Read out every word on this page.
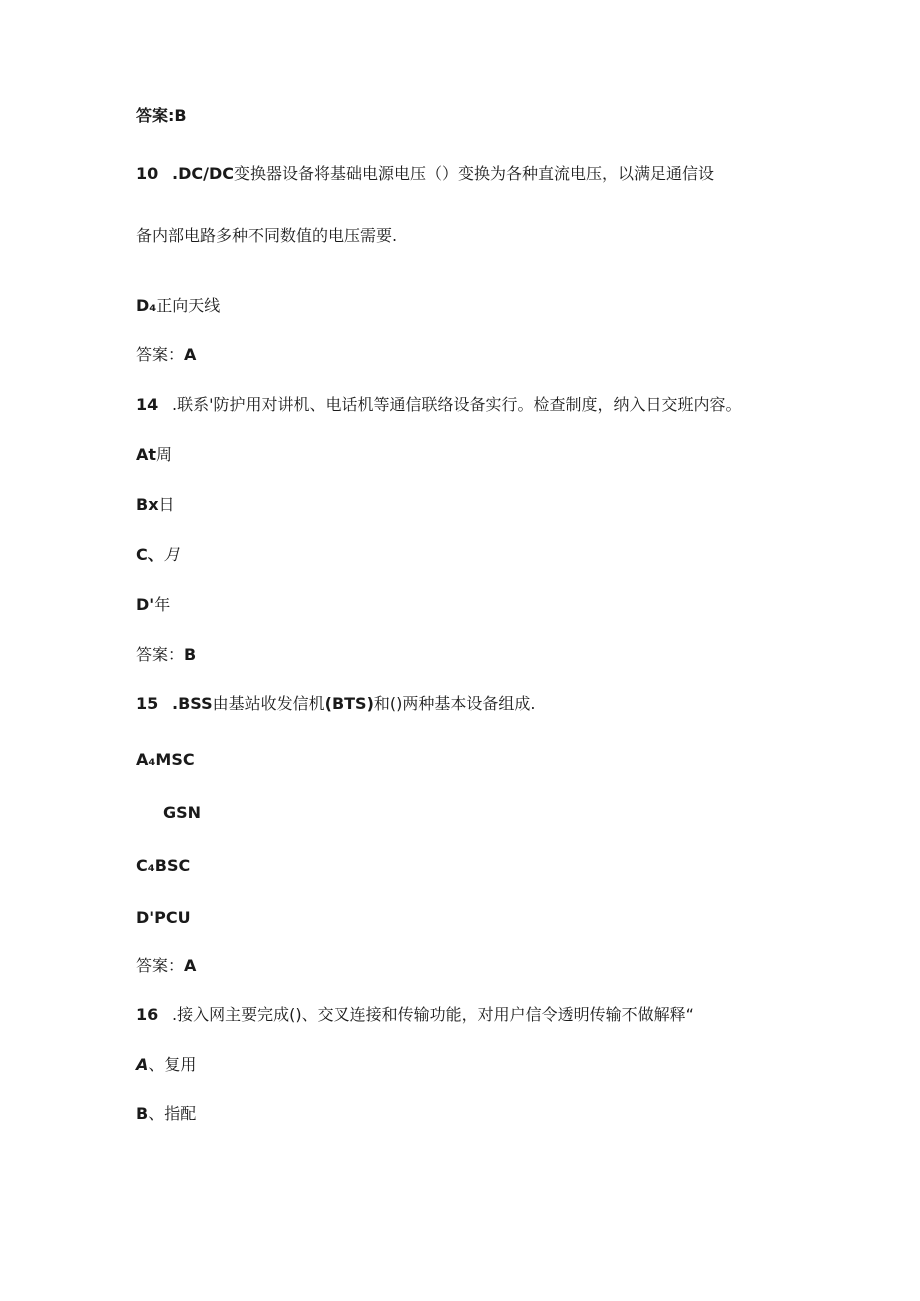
答案:B
10 .DC/DC变换器设备将基础电源电压（）变换为各种直流电压，以满足通信设
备内部电路多种不同数值的电压需要.
D₄正向天线
答案：A
14 .联系'防护用对讲机、电话机等通信联络设备实行。检查制度，纳入日交班内容。
At周
Bx日
C、月
D'年
答案：B
15 .BSS由基站收发信机(BTS)和()两种基本设备组成.
A₄MSC
GSN
C₄BSC
D'PCU
答案：A
16 .接入网主要完成()、交叉连接和传输功能，对用户信令透明传输不做解释“
A、复用
B、指配
